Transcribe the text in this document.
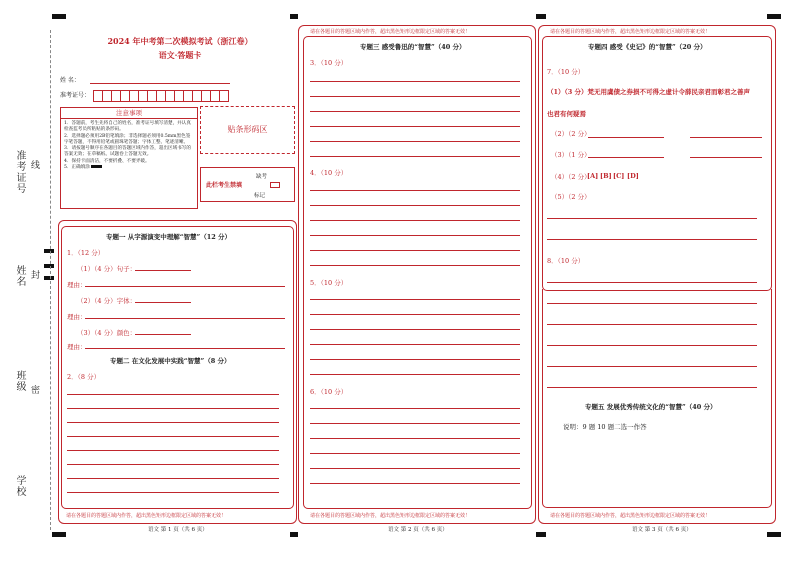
准考证号 线
姓名 封
班级 密
学校
2024 年中考第二次模拟考试（浙江卷）
语文·答题卡
姓 名：
准考证号：
注意事项
1．答题前，考生先将自己的姓名，准考证号填写清楚，并认真检查监考员所粘贴的条形码。
2．选择题必须用2B铅笔填涂；非选择题必须用0.5mm黑色签字笔答题，不得用铅笔或圆珠笔答题；字体工整、笔迹清晰。
3．请按题号顺序在各题目的答题区域内作答，超出区域书写的答案无效；在草稿纸、试题卷上答题无效。
4．保持卡面清洁，不要折叠、不要弄破。
5．正确填涂
贴条形码区
此栏考生禁填
缺考
标记
专题一 从字源演变中理解“智慧”（12 分）
1．（12 分）
（1）（4 分）句子：
理由：
（2）（4 分）字体：
理由：
（3）（4 分）颜色：
理由：
专题二 在文化发展中实践“智慧”（8 分）
2．（8 分）
请在各题目的答题区域内作答，超出黑色矩形边框限定区域的答案无效！
语文 第 1 页（共 6 页）
请在各题目的答题区域内作答，超出黑色矩形边框限定区域的答案无效！
专题三 感受鲁迅的“智慧”（40 分）
3．（10 分）
4．（10 分）
5．（10 分）
6．（10 分）
请在各题目的答题区域内作答，超出黑色矩形边框限定区域的答案无效！
语文 第 2 页（共 6 页）
请在各题目的答题区域内作答，超出黑色矩形边框限定区域的答案无效！
专题四 感受《史记》的“智慧”（20 分）
7．（10 分）
（1）（3 分）梵无用虞债之券损不可得之虚计令薛民亲君而彰君之善声
也君有何疑焉
（2）（2 分）
（3）（1 分）
（4）（2 分）
[A] [B] [C] [D]
（5）（2 分）
8．（10 分）
专题五 发展优秀传统文化的“智慧”（40 分）
说明：9 题 10 题二选一作答
请在各题目的答题区域内作答，超出黑色矩形边框限定区域的答案无效！
语文 第 3 页（共 6 页）
